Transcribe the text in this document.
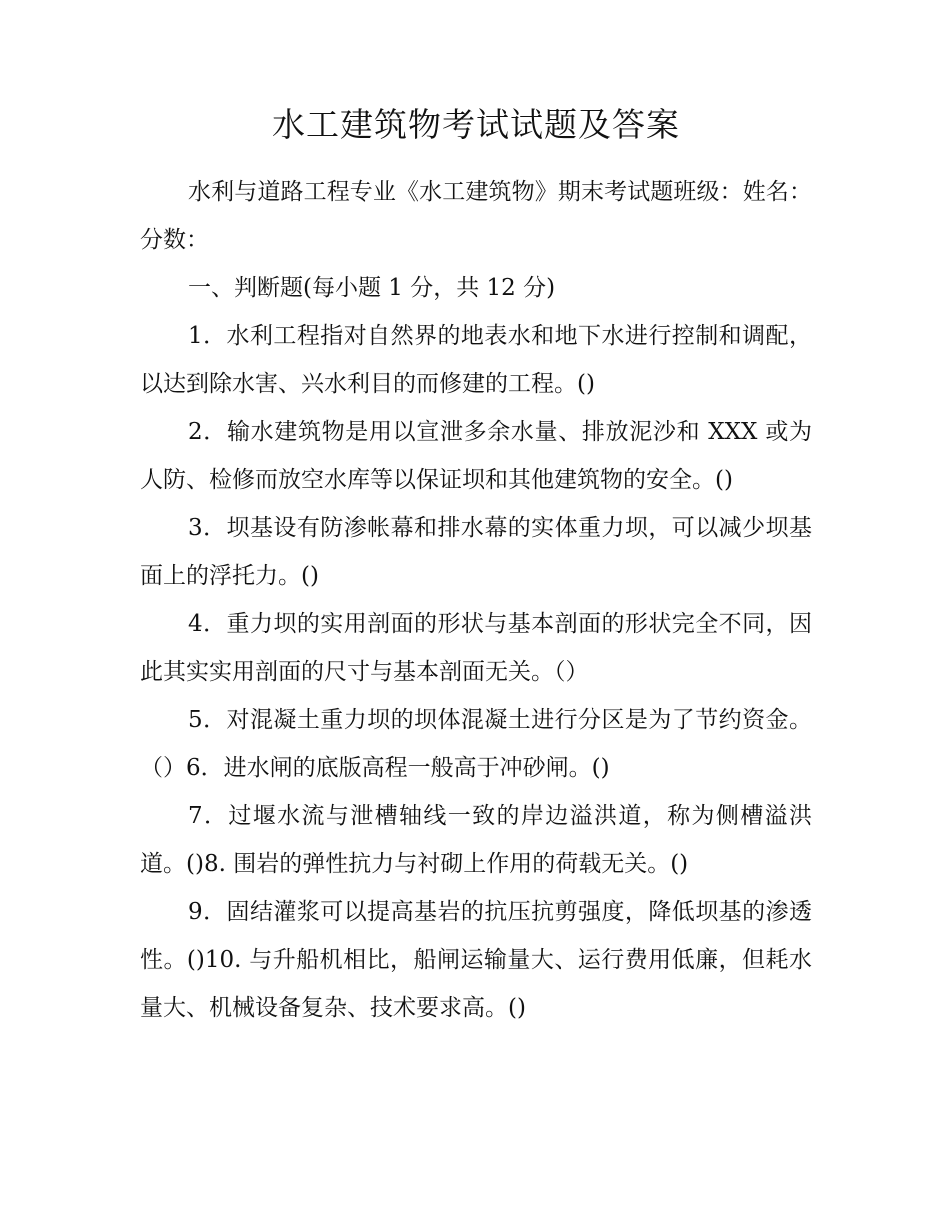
水工建筑物考试试题及答案

水利与道路工程专业《水工建筑物》期末考试题班级：姓名：分数：

一、判断题(每小题 1 分，共 12 分)

1．水利工程指对自然界的地表水和地下水进行控制和调配，以达到除水害、兴水利目的而修建的工程。()

2．输水建筑物是用以宣泄多余水量、排放泥沙和 XXX 或为人防、检修而放空水库等以保证坝和其他建筑物的安全。()

3．坝基设有防渗帐幕和排水幕的实体重力坝，可以减少坝基面上的浮托力。()

4．重力坝的实用剖面的形状与基本剖面的形状完全不同，因此其实实用剖面的尺寸与基本剖面无关。（）

5．对混凝土重力坝的坝体混凝土进行分区是为了节约资金。（）6．进水闸的底版高程一般高于冲砂闸。()

7．过堰水流与泄槽轴线一致的岸边溢洪道，称为侧槽溢洪道。()8. 围岩的弹性抗力与衬砌上作用的荷载无关。()

9．固结灌浆可以提高基岩的抗压抗剪强度，降低坝基的渗透性。()10. 与升船机相比，船闸运输量大、运行费用低廉，但耗水量大、机械设备复杂、技术要求高。()
